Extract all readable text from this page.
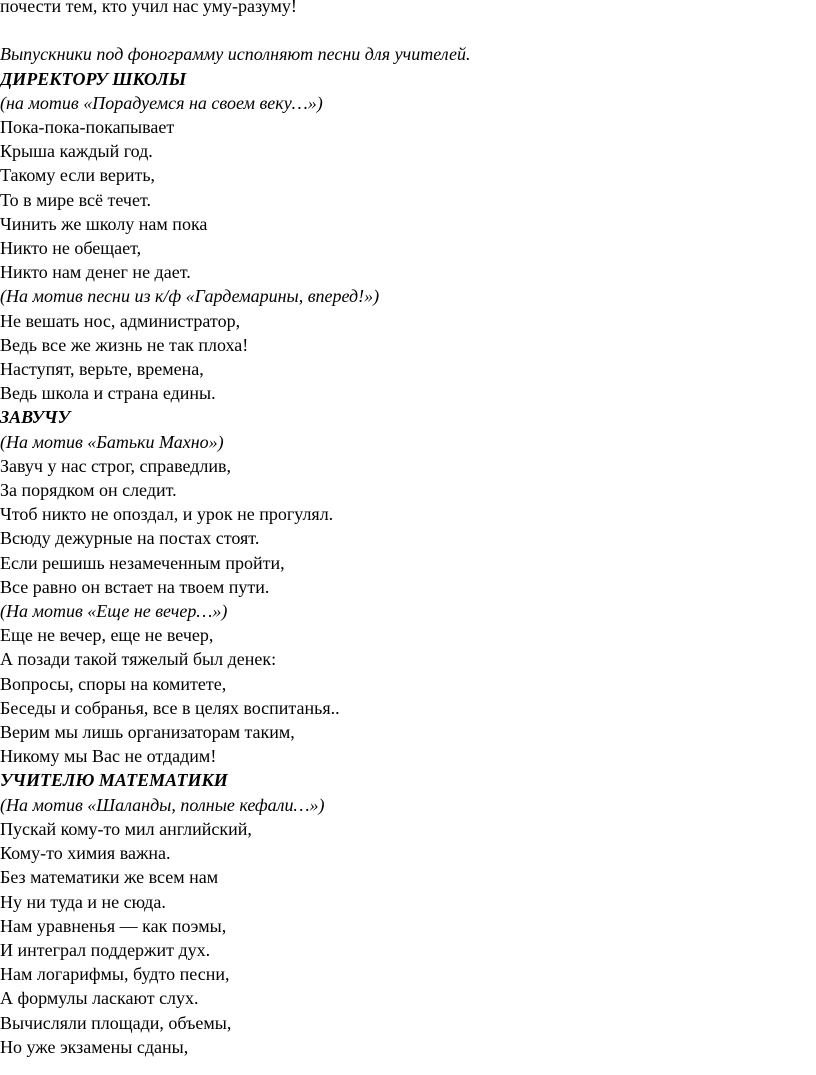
почести тем, кто учил нас уму-разуму!

Выпускники под фонограмму исполняют песни для учителей.

ДИРЕКТОРУ ШКОЛЫ

(на мотив «Порадуемся на своем веку…»)

Пока-пока-покапывает

Крыша каждый год.

Такому если верить,

То в мире всё течет.

Чинить же школу нам пока

Никто не обещает,

Никто нам денег не дает.

(На мотив песни из к/ф «Гардемарины, вперед!»)

Не вешать нос, администратор,

Ведь все же жизнь не так плоха!

Наступят, верьте, времена,

Ведь школа и страна едины.

ЗАВУЧУ

(На мотив «Батьки Махно»)

Завуч у нас строг, справедлив,

За порядком он следит.

Чтоб никто не опоздал, и урок не прогулял.

Всюду дежурные на постах стоят.

Если решишь незамеченным пройти,

Все равно он встает на твоем пути.

(На мотив «Еще не вечер…»)

Еще не вечер, еще не вечер,

А позади такой тяжелый был денек:

Вопросы, споры на комитете,

Беседы и собранья, все в целях воспитанья..

Верим мы лишь организаторам таким,

Никому мы Вас не отдадим!

УЧИТЕЛЮ МАТЕМАТИКИ

(На мотив «Шаланды, полные кефали…»)

Пускай кому-то мил английский,

Кому-то химия важна.

Без математики же всем нам

Ну ни туда и не сюда.

Нам уравненья — как поэмы,

И интеграл поддержит дух.

Нам логарифмы, будто песни,

А формулы ласкают слух.

Вычисляли площади, объемы,

Но уже экзамены сданы,
